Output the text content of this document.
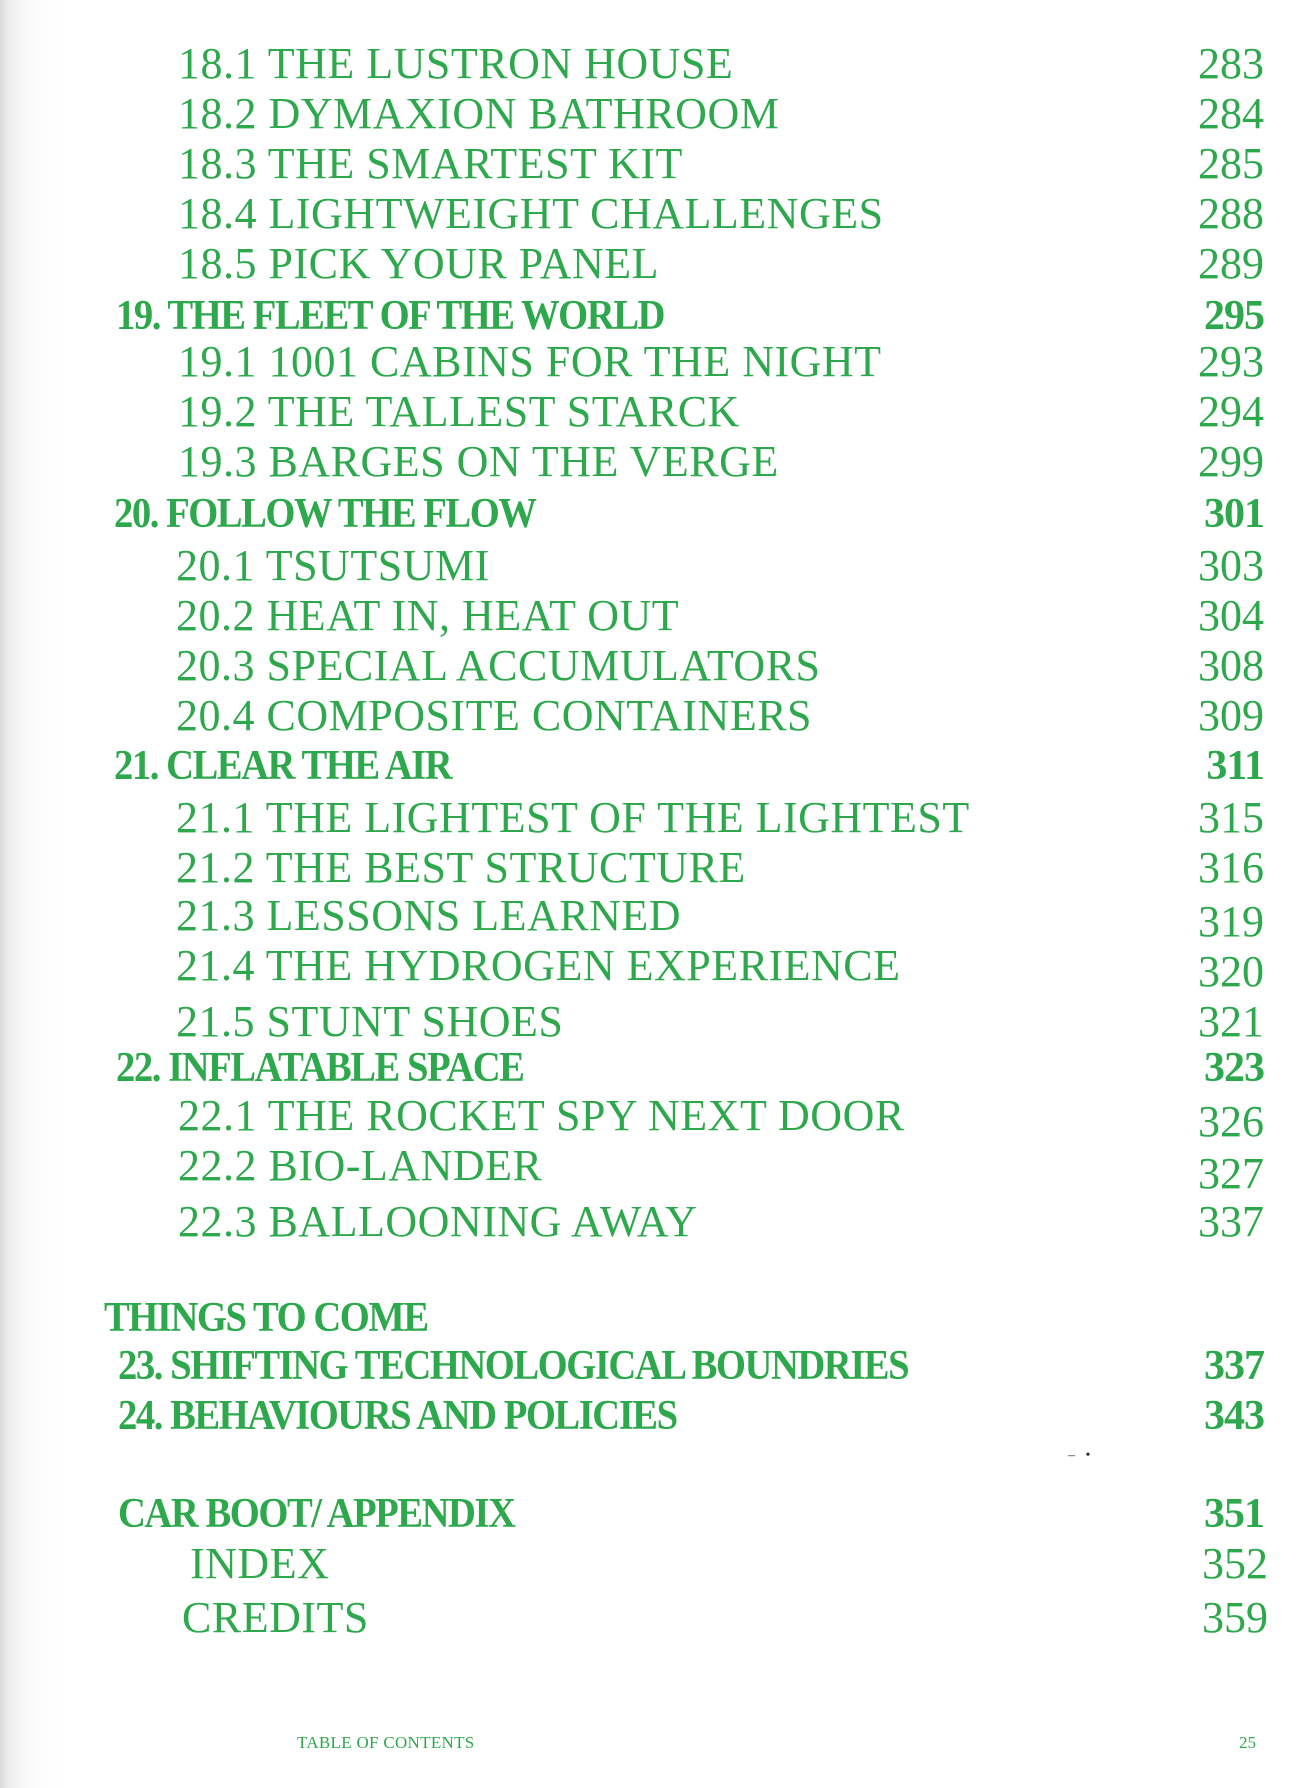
18.1 THE LUSTRON HOUSE	283
18.2 DYMAXION BATHROOM	284
18.3 THE SMARTEST KIT	285
18.4 LIGHTWEIGHT CHALLENGES	288
18.5 PICK YOUR PANEL	289
19. THE FLEET OF THE WORLD	295
19.1 1001 CABINS FOR THE NIGHT	293
19.2 THE TALLEST STARCK	294
19.3 BARGES ON THE VERGE	299
20. FOLLOW THE FLOW	301
20.1 TSUTSUMI	303
20.2 HEAT IN, HEAT OUT	304
20.3 SPECIAL ACCUMULATORS	308
20.4 COMPOSITE CONTAINERS	309
21. CLEAR THE AIR	311
21.1 THE LIGHTEST OF THE LIGHTEST	315
21.2 THE BEST STRUCTURE	316
21.3 LESSONS LEARNED	319
21.4 THE HYDROGEN EXPERIENCE	320
21.5 STUNT SHOES	321
22. INFLATABLE SPACE	323
22.1 THE ROCKET SPY NEXT DOOR	326
22.2 BIO-LANDER	327
22.3 BALLOONING AWAY	337
THINGS TO COME
23. SHIFTING TECHNOLOGICAL BOUNDRIES	337
24. BEHAVIOURS AND POLICIES	343
–   •
CAR BOOT/ APPENDIX	351
INDEX	352
CREDITS	359
TABLE OF CONTENTS	25
